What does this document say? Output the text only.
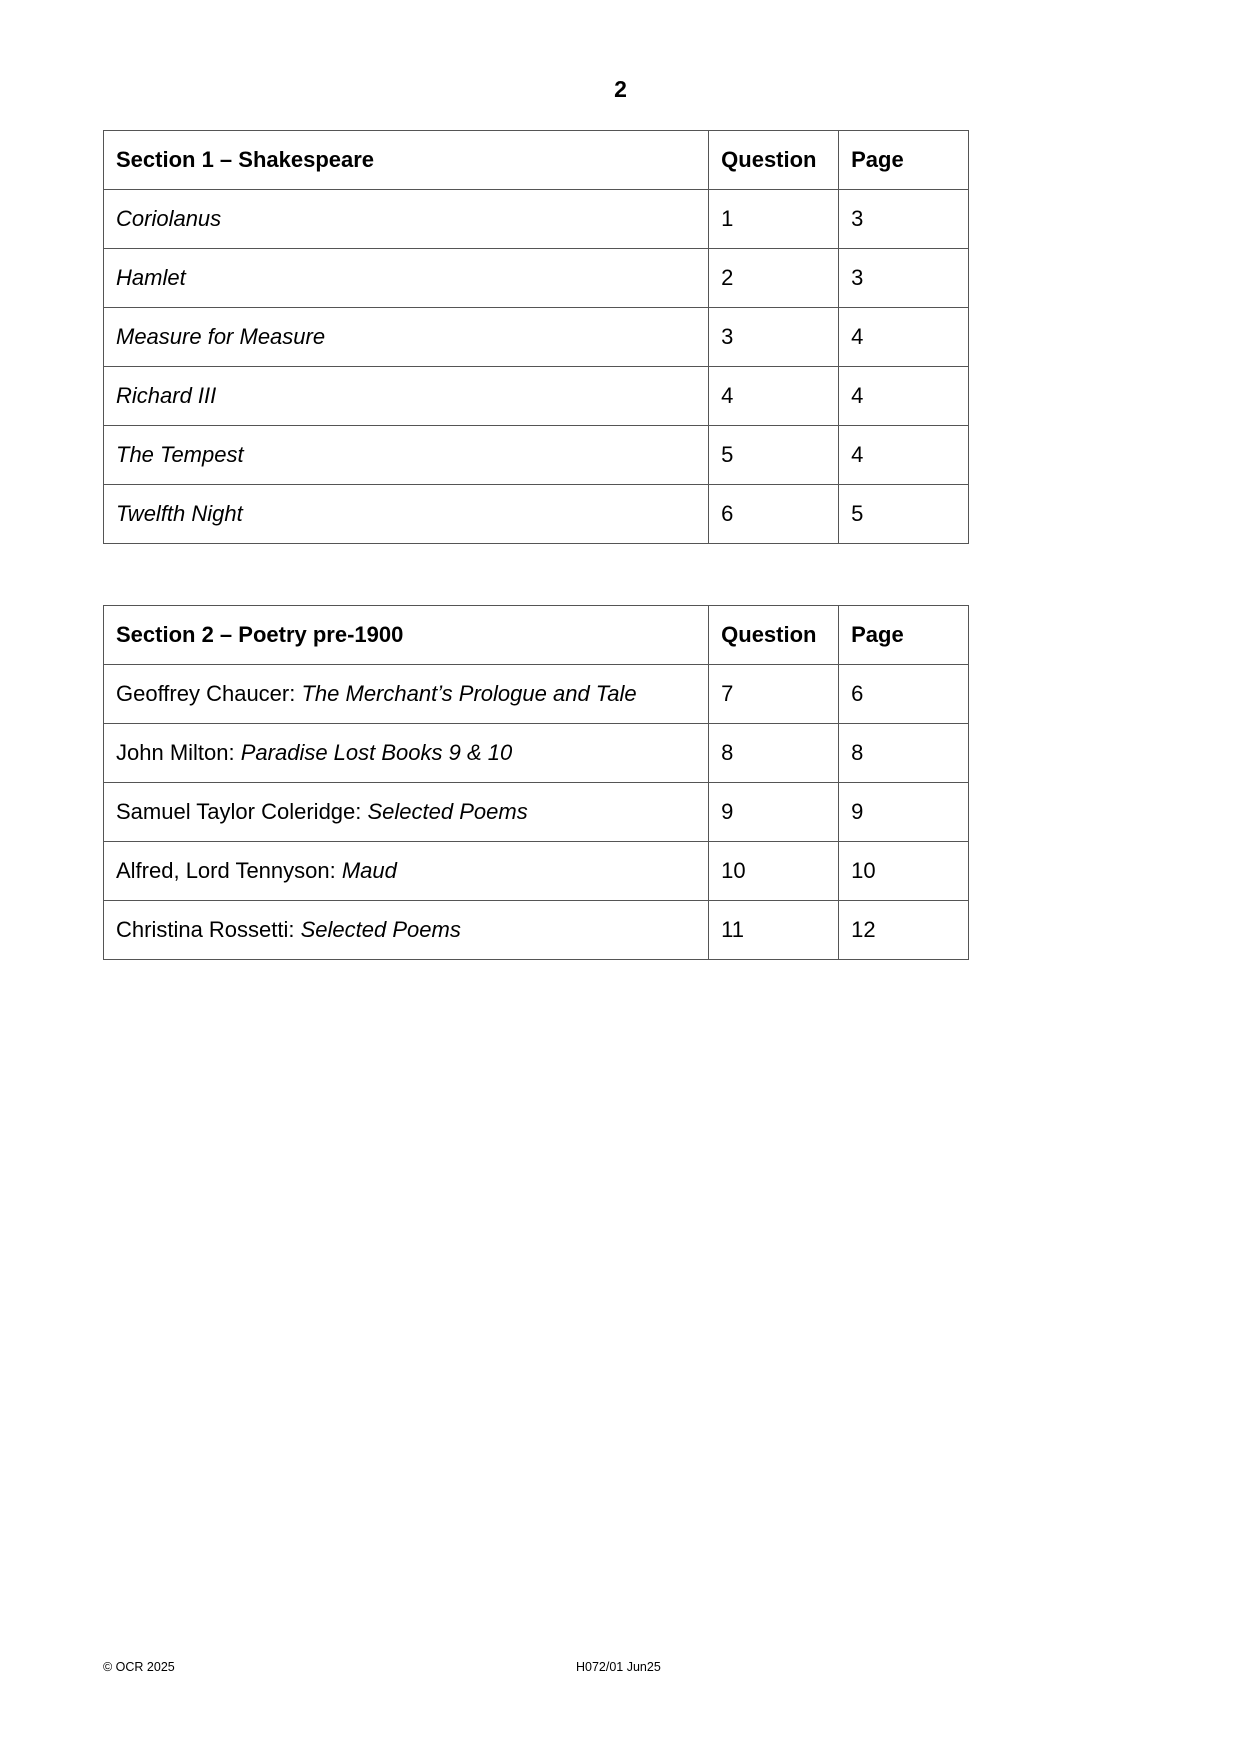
2
Section 1 – Shakespeare	Question	Page
Coriolanus	1	3
Hamlet	2	3
Measure for Measure	3	4
Richard III	4	4
The Tempest	5	4
Twelfth Night	6	5
Section 2 – Poetry pre-1900	Question	Page
Geoffrey Chaucer: The Merchant’s Prologue and Tale	7	6
John Milton: Paradise Lost Books 9 & 10	8	8
Samuel Taylor Coleridge: Selected Poems	9	9
Alfred, Lord Tennyson: Maud	10	10
Christina Rossetti: Selected Poems	11	12
© OCR 2025	H072/01 Jun25
